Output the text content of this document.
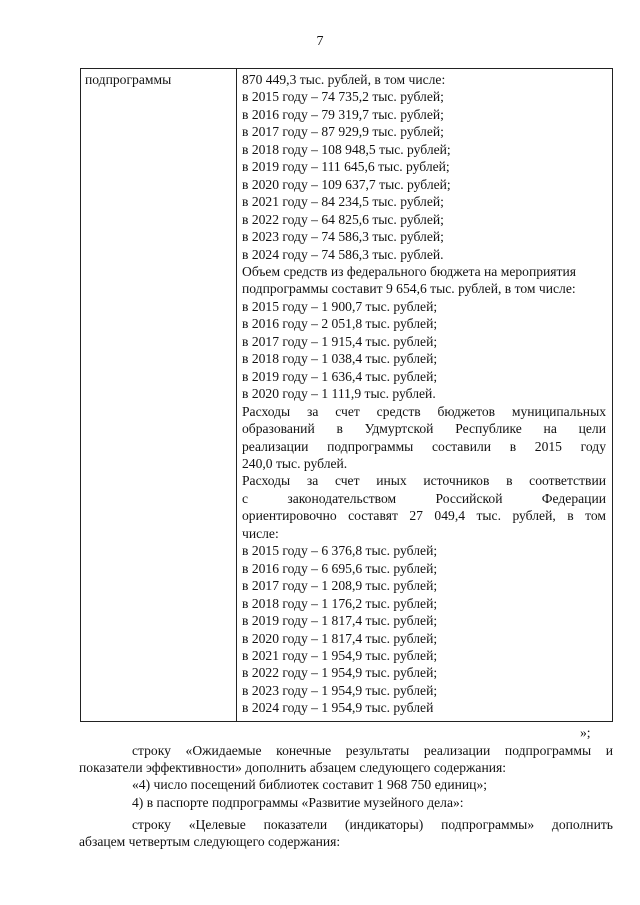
7
подпрограммы	870 449,3 тыс. рублей, в том числе:
в 2015 году – 74 735,2 тыс. рублей;
в 2016 году – 79 319,7 тыс. рублей;
в 2017 году – 87 929,9 тыс. рублей;
в 2018 году – 108 948,5 тыс. рублей;
в 2019 году – 111 645,6 тыс. рублей;
в 2020 году – 109 637,7 тыс. рублей;
в 2021 году – 84 234,5 тыс. рублей;
в 2022 году – 64 825,6 тыс. рублей;
в 2023 году – 74 586,3 тыс. рублей;
в 2024 году – 74 586,3 тыс. рублей.
Объем средств из федерального бюджета на мероприятия
подпрограммы составит 9 654,6 тыс. рублей, в том числе:
в 2015 году – 1 900,7 тыс. рублей;
в 2016 году – 2 051,8 тыс. рублей;
в 2017 году – 1 915,4 тыс. рублей;
в 2018 году – 1 038,4 тыс. рублей;
в 2019 году – 1 636,4 тыс. рублей;
в 2020 году – 1 111,9 тыс. рублей.
Расходы за счет средств бюджетов муниципальных
образований в Удмуртской Республике на цели
реализации подпрограммы составили в 2015 году
240,0 тыс. рублей.
Расходы за счет иных источников в соответствии
с законодательством Российской Федерации
ориентировочно составят 27 049,4 тыс. рублей, в том
числе:
в 2015 году – 6 376,8 тыс. рублей;
в 2016 году – 6 695,6 тыс. рублей;
в 2017 году – 1 208,9 тыс. рублей;
в 2018 году – 1 176,2 тыс. рублей;
в 2019 году – 1 817,4 тыс. рублей;
в 2020 году – 1 817,4 тыс. рублей;
в 2021 году – 1 954,9 тыс. рублей;
в 2022 году – 1 954,9 тыс. рублей;
в 2023 году – 1 954,9 тыс. рублей;
в 2024 году – 1 954,9 тыс. рублей
»;
строку «Ожидаемые конечные результаты реализации подпрограммы и
показатели эффективности» дополнить абзацем следующего содержания:
«4) число посещений библиотек составит 1 968 750 единиц»;
4) в паспорте подпрограммы «Развитие музейного дела»:
строку «Целевые показатели (индикаторы) подпрограммы» дополнить
абзацем четвертым следующего содержания:
